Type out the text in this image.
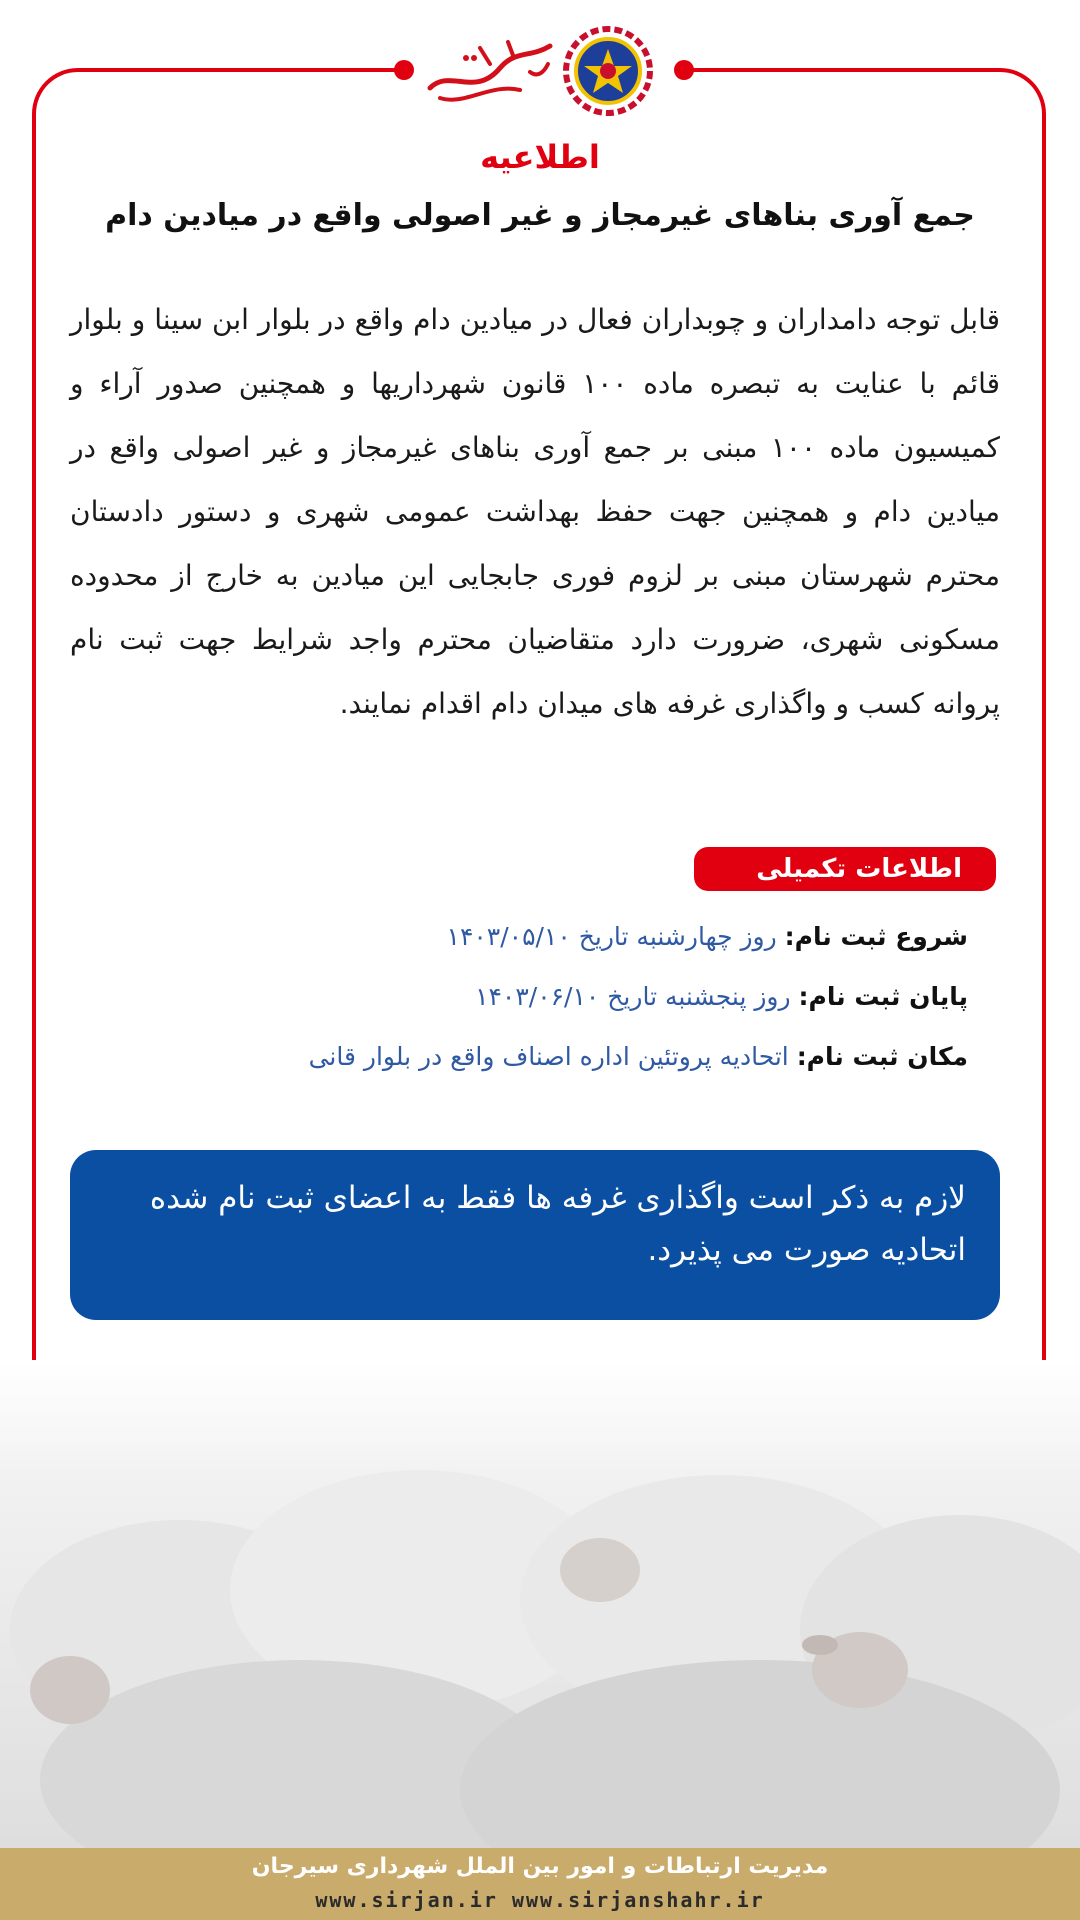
اطلاعیه
جمع آوری بناهای غیرمجاز و غیر اصولی واقع در میادین دام
قابل توجه دامداران و چوبداران فعال در میادین دام واقع در بلوار ابن سینا و بلوار قائم با عنایت به تبصره ماده ۱۰۰ قانون شهرداریها و همچنین صدور آراء و کمیسیون ماده ۱۰۰ مبنی بر جمع آوری بناهای غیرمجاز و غیر اصولی واقع در میادین دام و همچنین جهت حفظ بهداشت عمومی شهری و دستور دادستان محترم شهرستان مبنی بر لزوم فوری جابجایی این میادین به خارج از محدوده مسکونی شهری، ضرورت دارد متقاضیان محترم واجد شرایط جهت ثبت نام پروانه کسب و واگذاری غرفه های میدان دام اقدام نمایند.
اطلاعات تکمیلی
شروع ثبت نام: روز چهارشنبه تاریخ ۱۴۰۳/۰۵/۱۰
پایان ثبت نام: روز پنجشنبه تاریخ ۱۴۰۳/۰۶/۱۰
مکان ثبت نام: اتحادیه پروتئین اداره اصناف واقع در بلوار قانی
لازم به ذکر است واگذاری غرفه ها فقط به اعضای ثبت نام شده اتحادیه صورت می پذیرد.
مدیریت ارتباطات و امور بین الملل شهرداری سیرجان
www.sirjan.ir www.sirjanshahr.ir
